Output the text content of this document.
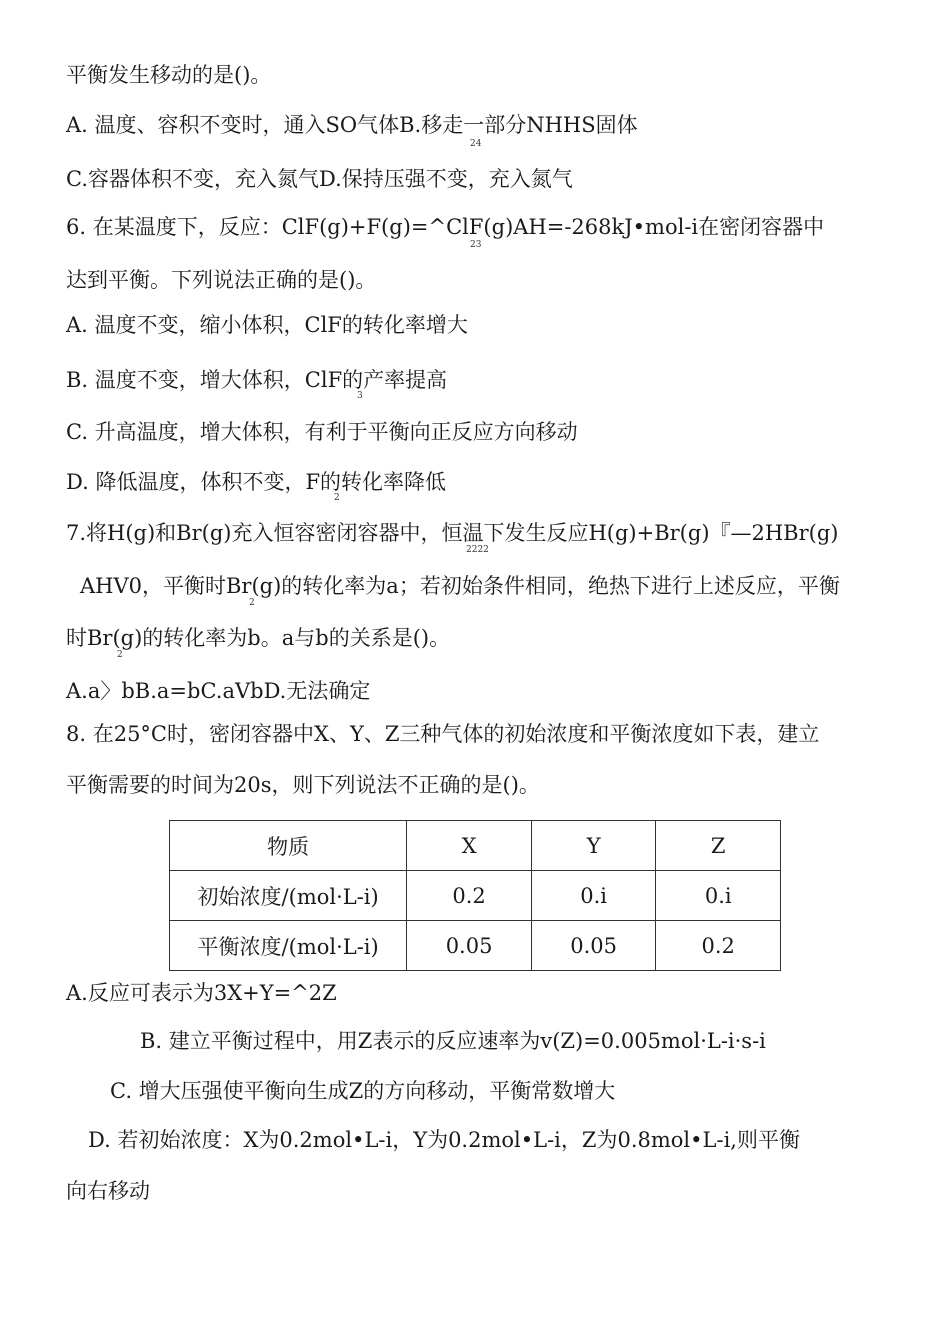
平衡发生移动的是()。
A. 温度、容积不变时，通入SO气体B.移走一部分NHHS固体
24
C.容器体积不变，充入氮气D.保持压强不变，充入氮气
6. 在某温度下，反应：ClF(g)+F(g)=^ClF(g)AH=-268kJ•mol-i在密闭容器中
23
达到平衡。下列说法正确的是()。
A. 温度不变，缩小体积，ClF的转化率增大
B. 温度不变，增大体积，ClF的产率提高
3
C. 升高温度，增大体积，有利于平衡向正反应方向移动
D. 降低温度，体积不变，F的转化率降低
2
7.将H(g)和Br(g)充入恒容密闭容器中，恒温下发生反应H(g)+Br(g)『—2HBr(g)
2222
AHV0，平衡时Br(g)的转化率为a；若初始条件相同，绝热下进行上述反应，平衡
2
时Br(g)的转化率为b。a与b的关系是()。
2
A.a〉bB.a=bC.aVbD.无法确定
8. 在25°C时，密闭容器中X、Y、Z三种气体的初始浓度和平衡浓度如下表，建立
平衡需要的时间为20s，则下列说法不正确的是()。
物质	X	Y	Z
初始浓度/(mol·L-i)	0.2	0.i	0.i
平衡浓度/(mol·L-i)	0.05	0.05	0.2
A.反应可表示为3X+Y=^2Z
B. 建立平衡过程中，用Z表示的反应速率为v(Z)=0.005mol·L-i·s-i
C. 增大压强使平衡向生成Z的方向移动，平衡常数增大
D. 若初始浓度：X为0.2mol•L-i，Y为0.2mol•L-i，Z为0.8mol•L-i,则平衡
向右移动
